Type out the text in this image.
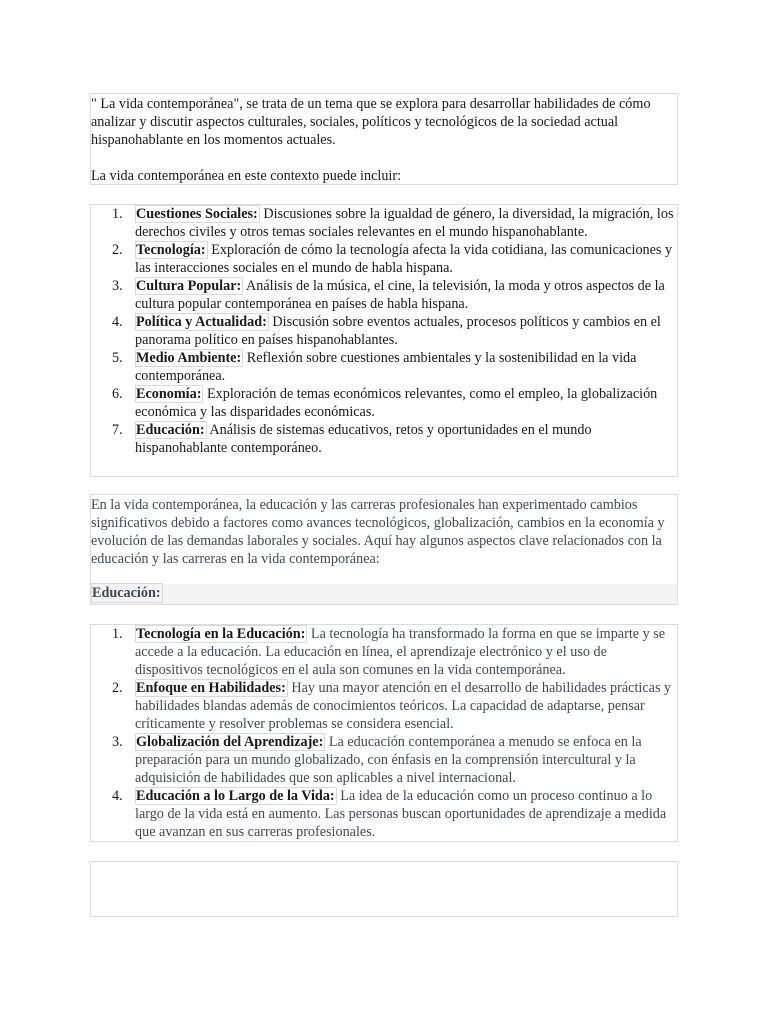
" La vida contemporánea", se trata de un tema que se explora para desarrollar habilidades de cómo analizar y discutir aspectos culturales, sociales, políticos y tecnológicos de la sociedad actual hispanohablante en los momentos actuales.

La vida contemporánea en este contexto puede incluir:

Cuestiones Sociales: Discusiones sobre la igualdad de género, la diversidad, la migración, los derechos civiles y otros temas sociales relevantes en el mundo hispanohablante.
Tecnología: Exploración de cómo la tecnología afecta la vida cotidiana, las comunicaciones y las interacciones sociales en el mundo de habla hispana.
Cultura Popular: Análisis de la música, el cine, la televisión, la moda y otros aspectos de la cultura popular contemporánea en países de habla hispana.
Política y Actualidad: Discusión sobre eventos actuales, procesos políticos y cambios en el panorama político en países hispanohablantes.
Medio Ambiente: Reflexión sobre cuestiones ambientales y la sostenibilidad en la vida contemporánea.
Economía: Exploración de temas económicos relevantes, como el empleo, la globalización económica y las disparidades económicas.
Educación: Análisis de sistemas educativos, retos y oportunidades en el mundo hispanohablante contemporáneo.

En la vida contemporánea, la educación y las carreras profesionales han experimentado cambios significativos debido a factores como avances tecnológicos, globalización, cambios en la economía y evolución de las demandas laborales y sociales. Aquí hay algunos aspectos clave relacionados con la educación y las carreras en la vida contemporánea:

Educación:
Tecnología en la Educación: La tecnología ha transformado la forma en que se imparte y se accede a la educación. La educación en línea, el aprendizaje electrónico y el uso de dispositivos tecnológicos en el aula son comunes en la vida contemporánea.
Enfoque en Habilidades: Hay una mayor atención en el desarrollo de habilidades prácticas y habilidades blandas además de conocimientos teóricos. La capacidad de adaptarse, pensar críticamente y resolver problemas se considera esencial.
Globalización del Aprendizaje: La educación contemporánea a menudo se enfoca en la preparación para un mundo globalizado, con énfasis en la comprensión intercultural y la adquisición de habilidades que son aplicables a nivel internacional.
Educación a lo Largo de la Vida: La idea de la educación como un proceso continuo a lo largo de la vida está en aumento. Las personas buscan oportunidades de aprendizaje a medida que avanzan en sus carreras profesionales.
